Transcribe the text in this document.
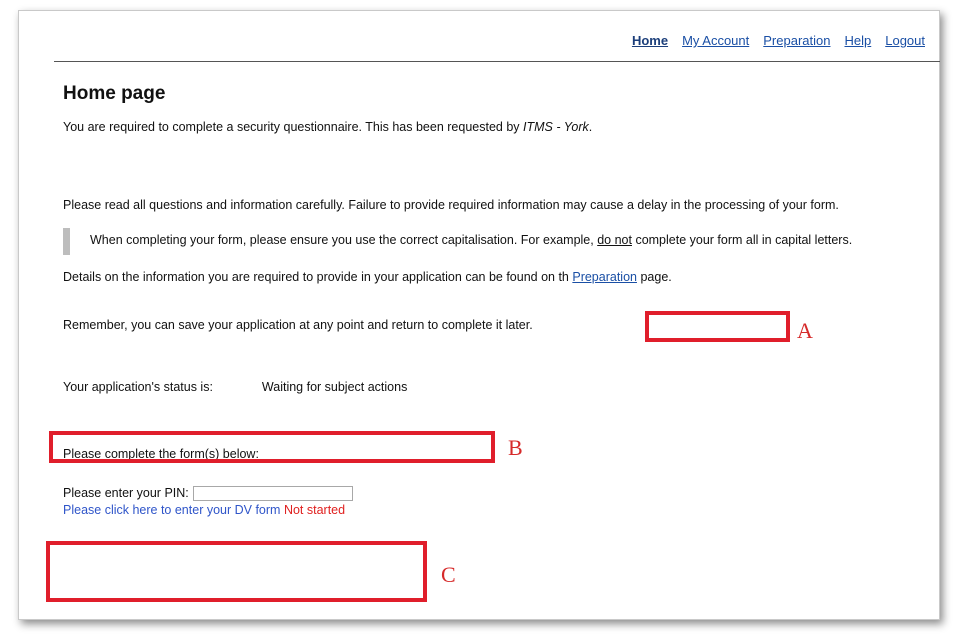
Home My Account Preparation Help Logout
Home page

You are required to complete a security questionnaire. This has been requested by ITMS - York.

Please read all questions and information carefully. Failure to provide required information may cause a delay in the processing of your form.

When completing your form, please ensure you use the correct capitalisation. For example, do not complete your form all in capital letters.

Details on the information you are required to provide in your application can be found on th Preparation page.

Remember, you can save your application at any point and return to complete it later.

Your application's status is:	Waiting for subject actions

Please complete the form(s) below:

Please enter your PIN:

Please click here to enter your DV form Not started

A
B
C
